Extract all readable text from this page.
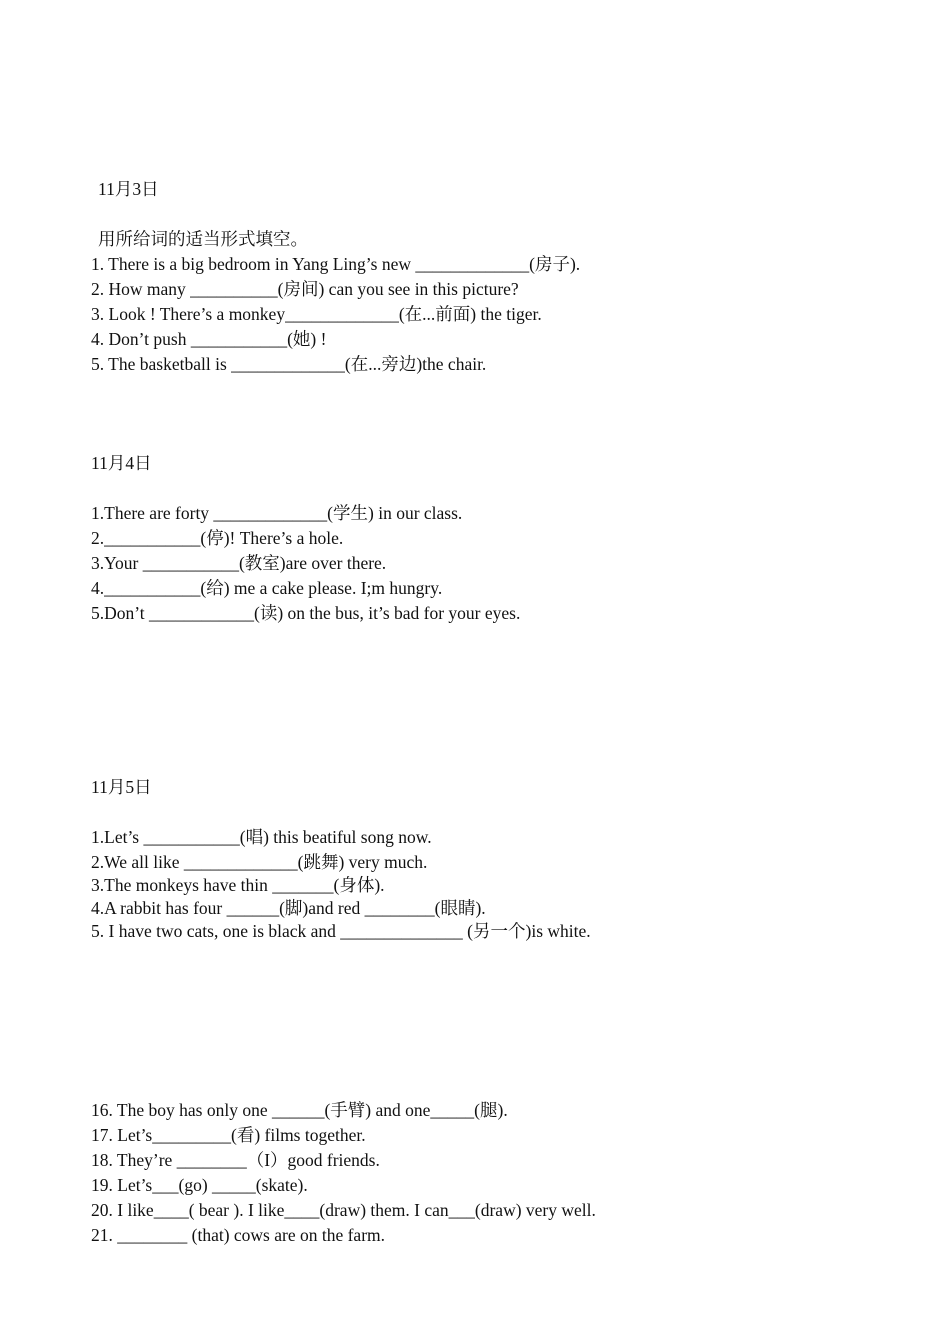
11月3日
用所给词的适当形式填空。
1. There is a big bedroom in Yang Ling’s new _____________(房子).
2. How many __________(房间) can you see in this picture?
3. Look ! There’s a monkey_____________(在...前面) the tiger.
4. Don’t push ___________(她) !
5. The basketball is _____________(在...旁边)the chair.
11月4日
1.There are forty _____________(学生) in our class.
2.___________(停)! There’s a hole.
3.Your ___________(教室)are over there.
4.___________(给) me a cake please. I;m hungry.
5.Don’t ____________(读) on the bus, it’s bad for your eyes.
11月5日
1.Let’s ___________(唱) this beatiful song now.
2.We all like _____________(跳舞) very much.
3.The monkeys have thin _______(身体).
4.A rabbit has four ______(脚)and red ________(眼睛).
5. I have two cats, one is black and ______________ (另一个)is white.
16. The boy has only one ______(手臂) and one_____(腿).
17. Let’s_________(看) films together.
18. They’re ________（I）good friends.
19. Let’s___(go) _____(skate).
20. I like____( bear ). I like____(draw) them. I can___(draw) very well.
21. ________ (that) cows are on the farm.
